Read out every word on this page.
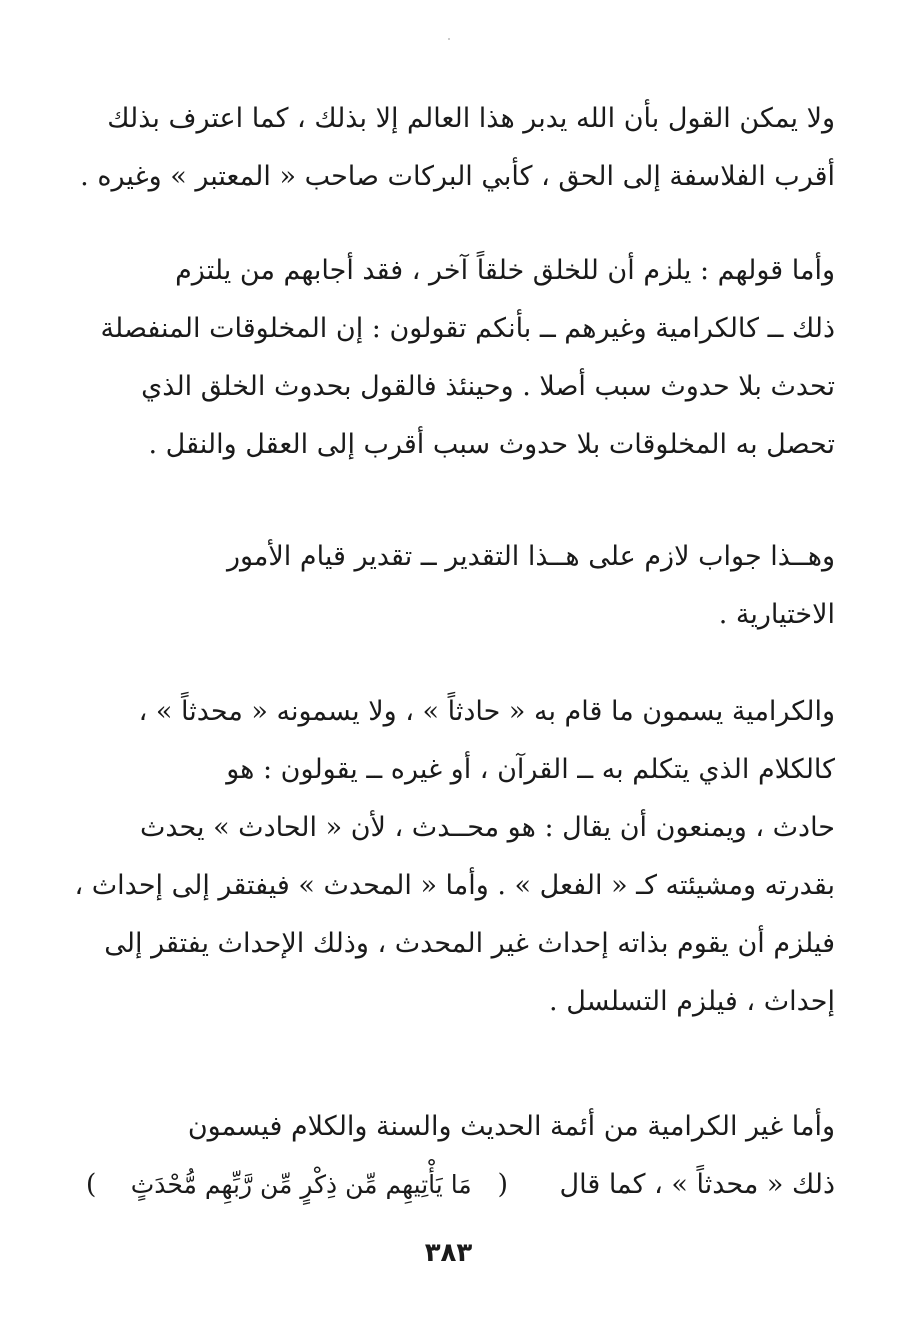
ولا يمكن القول بأن الله يدبر هذا العالم إلا بذلك ، كما اعترف بذلك
أقرب الفلاسفة إلى الحق ، كأبي البركات صاحب « المعتبر » وغيره .
وأما قولهم : يلزم أن للخلق خلقاً آخر ، فقد أجابهم من يلتزم
ذلك ــ كالكرامية وغيرهم ــ بأنكم تقولون : إن المخلوقات المنفصلة
تحدث بلا حدوث سبب أصلا . وحينئذ فالقول بحدوث الخلق الذي
تحصل به المخلوقات بلا حدوث سبب أقرب إلى العقل والنقل .
وهــذا جواب لازم على هــذا التقدير ــ تقدير قيام الأمور
الاختيارية .
والكرامية يسمون ما قام به « حادثاً » ، ولا يسمونه « محدثاً » ،
كالكلام الذي يتكلم به ــ القرآن ، أو غيره ــ يقولون : هو
حادث ، ويمنعون أن يقال : هو محــدث ، لأن « الحادث » يحدث
بقدرته ومشيئته كـ « الفعل » . وأما « المحدث » فيفتقر إلى إحداث ،
فيلزم أن يقوم بذاته إحداث غير المحدث ، وذلك الإحداث يفتقر إلى
إحداث ، فيلزم التسلسل .
وأما غير الكرامية من أئمة الحديث والسنة والكلام فيسمون
ذلك « محدثاً » ، كما قال      (   مَا يَأْتِيهِم مِّن ذِكْرٍ مِّن رَّبِّهِم مُّحْدَثٍ    )
٣٨٣
